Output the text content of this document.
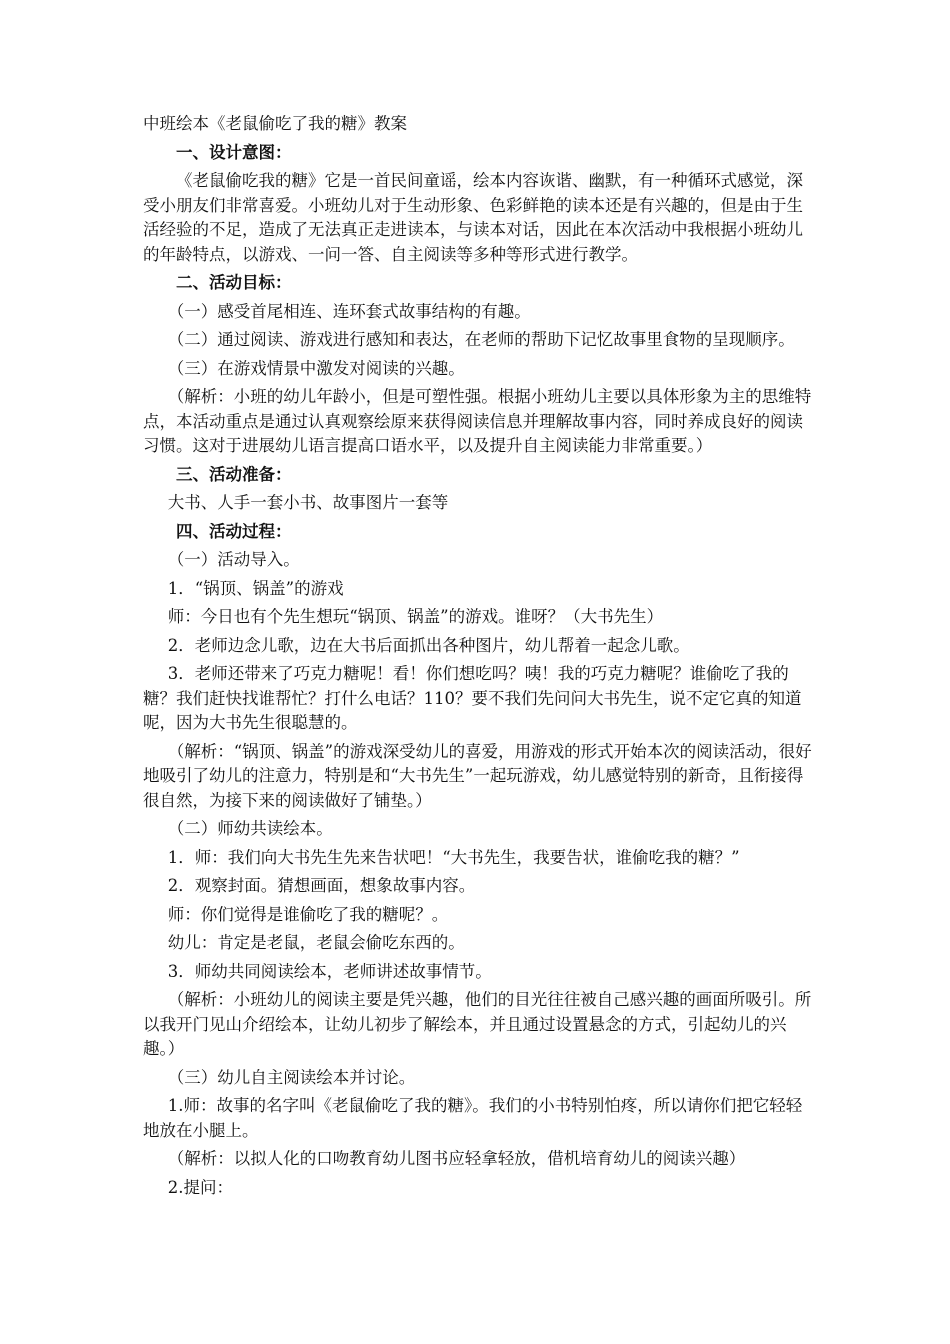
中班绘本《老鼠偷吃了我的糖》教案

一、设计意图：

《老鼠偷吃我的糖》它是一首民间童谣，绘本内容诙谐、幽默，有一种循环式感觉，深受小朋友们非常喜爱。小班幼儿对于生动形象、色彩鲜艳的读本还是有兴趣的，但是由于生活经验的不足，造成了无法真正走进读本，与读本对话，因此在本次活动中我根据小班幼儿的年龄特点，以游戏、一问一答、自主阅读等多种等形式进行教学。

二、活动目标：

（一）感受首尾相连、连环套式故事结构的有趣。

（二）通过阅读、游戏进行感知和表达，在老师的帮助下记忆故事里食物的呈现顺序。

（三）在游戏情景中激发对阅读的兴趣。

（解析：小班的幼儿年龄小，但是可塑性强。根据小班幼儿主要以具体形象为主的思维特点，本活动重点是通过认真观察绘原来获得阅读信息并理解故事内容，同时养成良好的阅读习惯。这对于进展幼儿语言提高口语水平，以及提升自主阅读能力非常重要。）

三、活动准备：

大书、人手一套小书、故事图片一套等

四、活动过程：

（一）活动导入。

1．“锅顶、锅盖”的游戏

师：今日也有个先生想玩“锅顶、锅盖”的游戏。谁呀？（大书先生）

2．老师边念儿歌，边在大书后面抓出各种图片，幼儿帮着一起念儿歌。

3．老师还带来了巧克力糖呢！看！你们想吃吗？咦！我的巧克力糖呢？谁偷吃了我的糖？我们赶快找谁帮忙？打什么电话？110？要不我们先问问大书先生，说不定它真的知道呢，因为大书先生很聪慧的。

（解析：“锅顶、锅盖”的游戏深受幼儿的喜爱，用游戏的形式开始本次的阅读活动，很好地吸引了幼儿的注意力，特别是和“大书先生”一起玩游戏，幼儿感觉特别的新奇，且衔接得很自然，为接下来的阅读做好了铺垫。）

（二）师幼共读绘本。

1．师：我们向大书先生先来告状吧！“大书先生，我要告状，谁偷吃我的糖？”

2．观察封面。猜想画面，想象故事内容。

师：你们觉得是谁偷吃了我的糖呢？。

幼儿：肯定是老鼠，老鼠会偷吃东西的。

3．师幼共同阅读绘本，老师讲述故事情节。

（解析：小班幼儿的阅读主要是凭兴趣，他们的目光往往被自己感兴趣的画面所吸引。所以我开门见山介绍绘本，让幼儿初步了解绘本，并且通过设置悬念的方式，引起幼儿的兴趣。）

（三）幼儿自主阅读绘本并讨论。

1.师：故事的名字叫《老鼠偷吃了我的糖》。我们的小书特别怕疼，所以请你们把它轻轻地放在小腿上。

（解析：以拟人化的口吻教育幼儿图书应轻拿轻放，借机培育幼儿的阅读兴趣）

2.提问：
